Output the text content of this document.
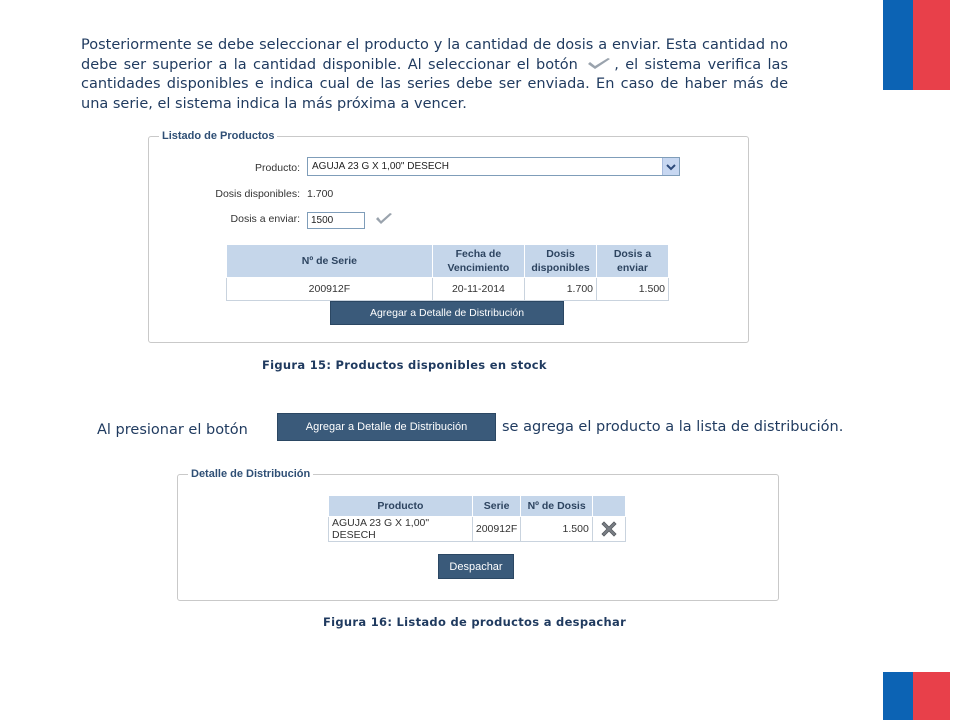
Posteriormente se debe seleccionar el producto y la cantidad de dosis a enviar. Esta cantidad no debe ser superior a la cantidad disponible. Al seleccionar el botón	, el sistema verifica las cantidades disponibles e indica cual de las series debe ser enviada. En caso de haber más de una serie, el sistema indica la más próxima a vencer.

Listado de Productos
Producto: AGUJA 23 G X 1,00" DESECH
Dosis disponibles: 1.700
Dosis a enviar:	1500
Nº de Serie	Fecha de Vencimiento	Dosis disponibles	Dosis a enviar
200912F	20-11-2014	1.700	1.500
Agregar a Detalle de Distribución
Figura 15: Productos disponibles en stock
Al presionar el botón	Agregar a Detalle de Distribución	se agrega el producto a la lista de distribución.
Detalle de Distribución
Producto	Serie	Nº de Dosis	
AGUJA 23 G X 1,00" DESECH	200912F	1.500	
Despachar
Figura 16: Listado de productos a despachar
